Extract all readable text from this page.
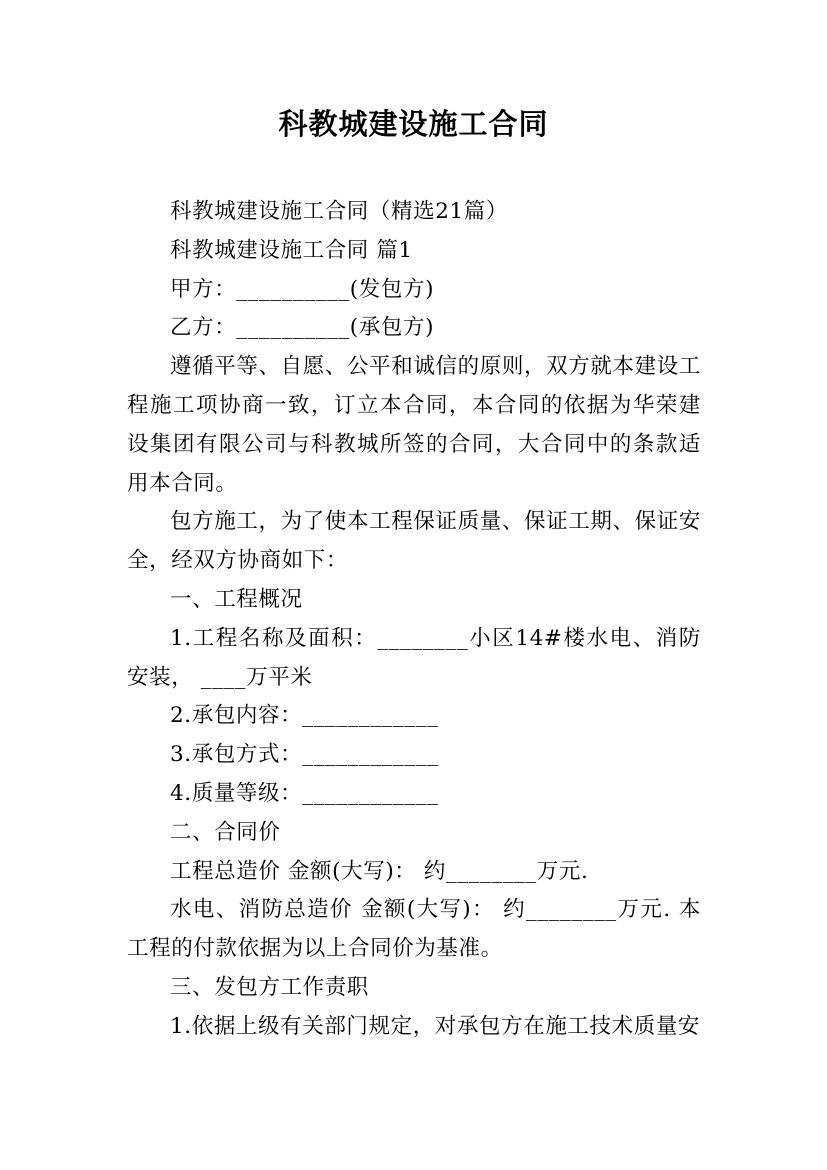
科教城建设施工合同

科教城建设施工合同（精选21篇）

科教城建设施工合同 篇1

甲方：__________(发包方)

乙方：__________(承包方)

遵循平等、自愿、公平和诚信的原则，双方就本建设工程施工项协商一致，订立本合同，本合同的依据为华荣建设集团有限公司与科教城所签的合同，大合同中的条款适用本合同。

包方施工，为了使本工程保证质量、保证工期、保证安全，经双方协商如下：

一、工程概况

1.工程名称及面积：________小区14#楼水电、消防安装， ____万平米

2.承包内容：____________

3.承包方式：____________

4.质量等级：____________

二、合同价

工程总造价 金额(大写)： 约________万元.

水电、消防总造价 金额(大写)： 约________万元. 本工程的付款依据为以上合同价为基准。

三、发包方工作责职

1.依据上级有关部门规定，对承包方在施工技术质量安
